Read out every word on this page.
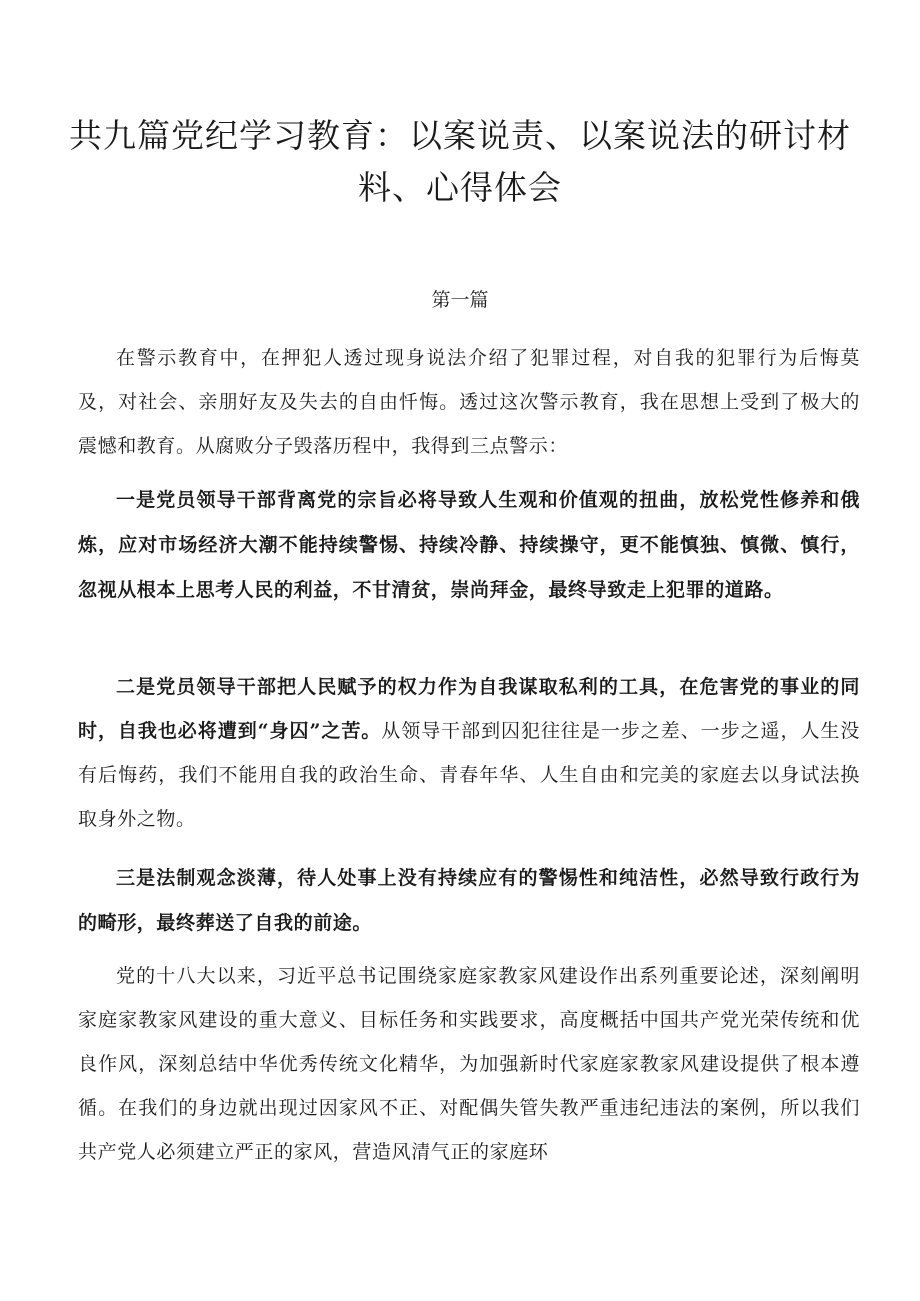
共九篇党纪学习教育：以案说责、以案说法的研讨材料、心得体会
第一篇

在警示教育中，在押犯人透过现身说法介绍了犯罪过程，对自我的犯罪行为后悔莫及，对社会、亲朋好友及失去的自由忏悔。透过这次警示教育，我在思想上受到了极大的震憾和教育。从腐败分子毁落历程中，我得到三点警示：

一是党员领导干部背离党的宗旨必将导致人生观和价值观的扭曲，放松党性修养和俄炼，应对市场经济大潮不能持续警惕、持续冷静、持续操守，更不能慎独、慎微、慎行，忽视从根本上思考人民的利益，不甘清贫，崇尚拜金，最终导致走上犯罪的道路。

二是党员领导干部把人民赋予的权力作为自我谋取私利的工具，在危害党的事业的同时，自我也必将遭到“身囚”之苦。从领导干部到囚犯往往是一步之差、一步之遥，人生没有后悔药，我们不能用自我的政治生命、青春年华、人生自由和完美的家庭去以身试法换取身外之物。

三是法制观念淡薄，待人处事上没有持续应有的警惕性和纯洁性，必然导致行政行为的畸形，最终葬送了自我的前途。

党的十八大以来，习近平总书记围绕家庭家教家风建设作出系列重要论述，深刻阐明家庭家教家风建设的重大意义、目标任务和实践要求，高度概括中国共产党光荣传统和优良作风，深刻总结中华优秀传统文化精华，为加强新时代家庭家教家风建设提供了根本遵循。在我们的身边就出现过因家风不正、对配偶失管失教严重违纪违法的案例，所以我们共产党人必须建立严正的家风，营造风清气正的家庭环
